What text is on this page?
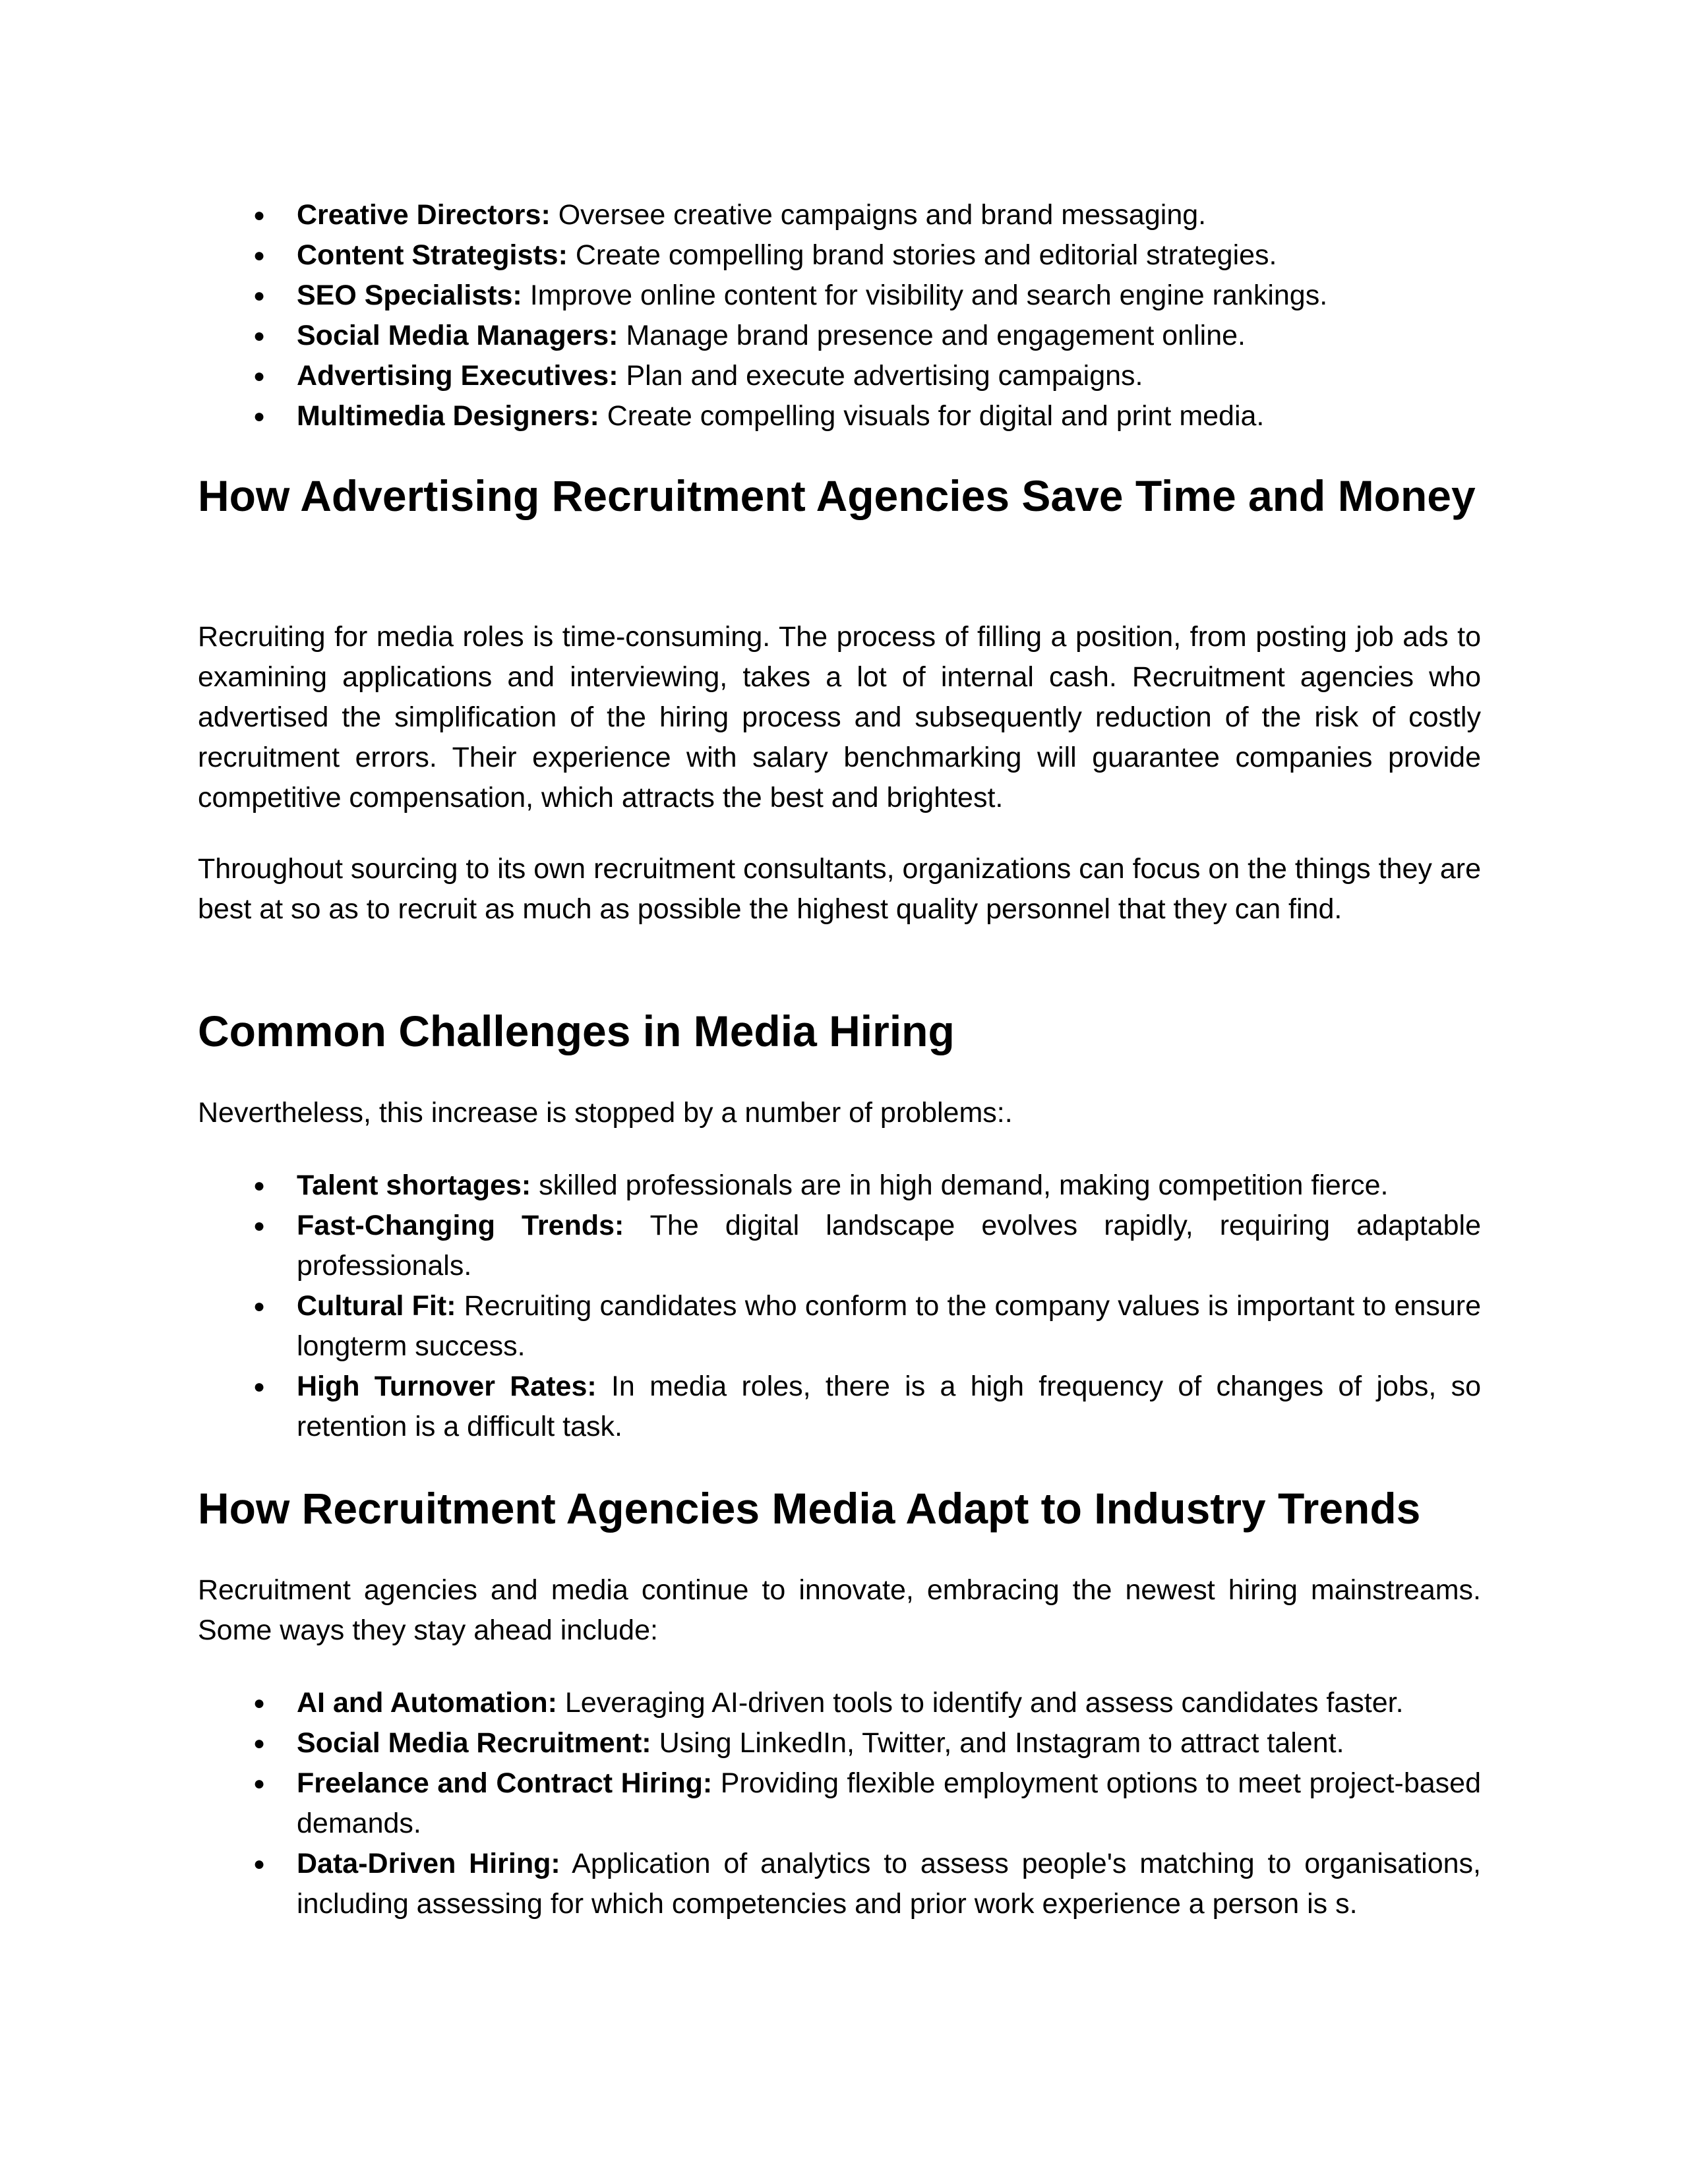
● Creative Directors: Oversee creative campaigns and brand messaging.
● Content Strategists: Create compelling brand stories and editorial strategies.
● SEO Specialists: Improve online content for visibility and search engine rankings.
● Social Media Managers: Manage brand presence and engagement online.
● Advertising Executives: Plan and execute advertising campaigns.
● Multimedia Designers: Create compelling visuals for digital and print media.
How Advertising Recruitment Agencies Save Time and Money

Recruiting for media roles is time-consuming. The process of filling a position, from posting job ads to examining applications and interviewing, takes a lot of internal cash. Recruitment agencies who advertised the simplification of the hiring process and subsequently reduction of the risk of costly recruitment errors. Their experience with salary benchmarking will guarantee companies provide competitive compensation, which attracts the best and brightest.

Throughout sourcing to its own recruitment consultants, organizations can focus on the things they are best at so as to recruit as much as possible the highest quality personnel that they can find.

Common Challenges in Media Hiring

Nevertheless, this increase is stopped by a number of problems:.

● Talent shortages: skilled professionals are in high demand, making competition fierce.
● Fast-Changing Trends: The digital landscape evolves rapidly, requiring adaptable professionals.
● Cultural Fit: Recruiting candidates who conform to the company values is important to ensure longterm success.
● High Turnover Rates: In media roles, there is a high frequency of changes of jobs, so retention is a difficult task.
How Recruitment Agencies Media Adapt to Industry Trends

Recruitment agencies and media continue to innovate, embracing the newest hiring mainstreams. Some ways they stay ahead include:

● AI and Automation: Leveraging AI-driven tools to identify and assess candidates faster.
● Social Media Recruitment: Using LinkedIn, Twitter, and Instagram to attract talent.
● Freelance and Contract Hiring: Providing flexible employment options to meet project-based demands.
● Data-Driven Hiring: Application of analytics to assess people's matching to organisations, including assessing for which competencies and prior work experience a person is s.
